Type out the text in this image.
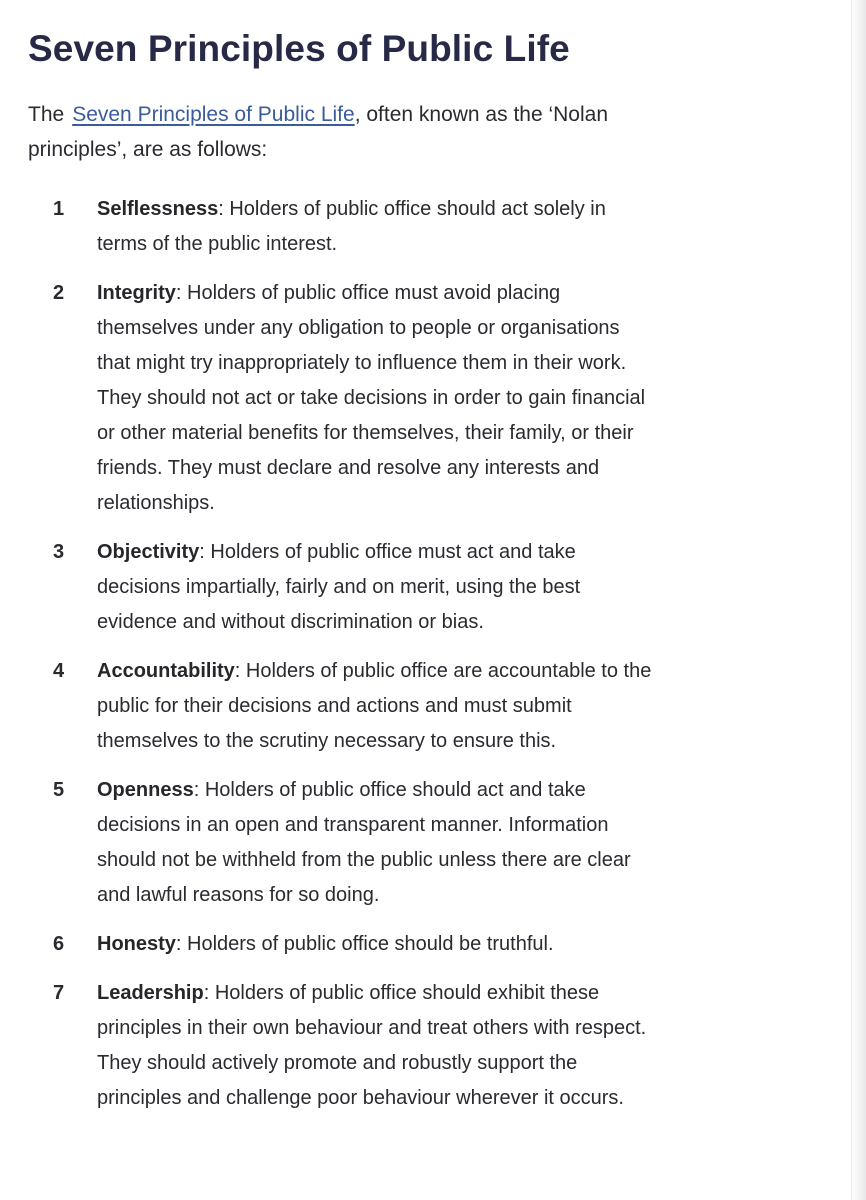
Seven Principles of Public Life

The Seven Principles of Public Life, often known as the ‘Nolan principles’, are as follows:

1	Selflessness: Holders of public office should act solely in terms of the public interest.
2	Integrity: Holders of public office must avoid placing themselves under any obligation to people or organisations that might try inappropriately to influence them in their work. They should not act or take decisions in order to gain financial or other material benefits for themselves, their family, or their friends. They must declare and resolve any interests and relationships.
3	Objectivity: Holders of public office must act and take decisions impartially, fairly and on merit, using the best evidence and without discrimination or bias.
4	Accountability: Holders of public office are accountable to the public for their decisions and actions and must submit themselves to the scrutiny necessary to ensure this.
5	Openness: Holders of public office should act and take decisions in an open and transparent manner. Information should not be withheld from the public unless there are clear and lawful reasons for so doing.
6	Honesty: Holders of public office should be truthful.
7	Leadership: Holders of public office should exhibit these principles in their own behaviour and treat others with respect. They should actively promote and robustly support the principles and challenge poor behaviour wherever it occurs.
